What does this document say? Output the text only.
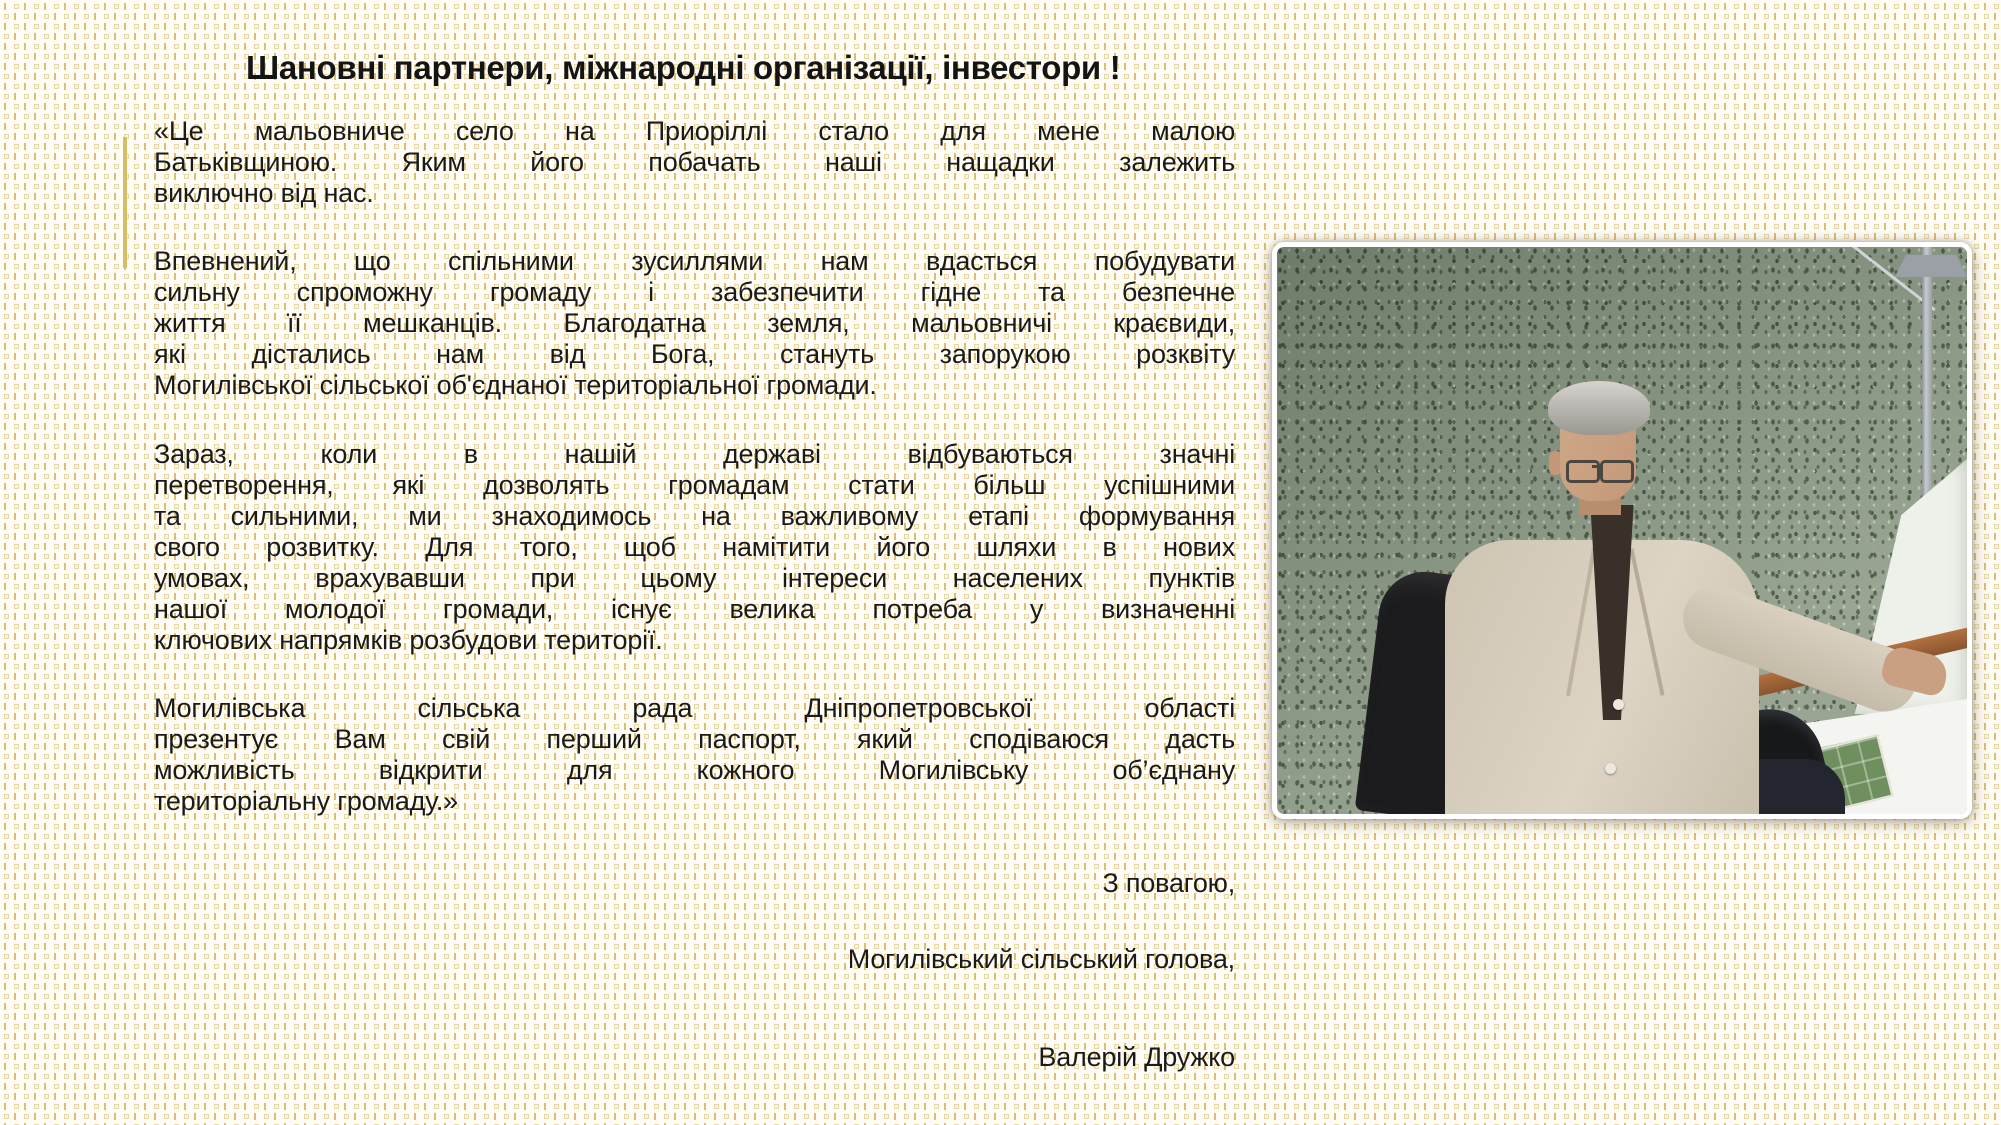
Шановні партнери, міжнародні організації, інвестори !
«Це мальовниче село на Приоріллі стало для мене малою
Батьківщиною. Яким його побачать наші нащадки залежить
виключно від нас.
Впевнений, що спільними зусиллями нам вдасться побудувати
сильну спроможну громаду і забезпечити гідне та безпечне
життя її мешканців. Благодатна земля, мальовничі краєвиди,
які дістались нам від Бога, стануть запорукою розквіту
Могилівської сільської об'єднаної територіальної громади.
Зараз, коли в нашій державі відбуваються значні
перетворення, які дозволять громадам стати більш успішними
та сильними, ми знаходимось на важливому етапі формування
свого розвитку. Для того, щоб намітити його шляхи в нових
умовах, врахувавши при цьому інтереси населених пунктів
нашої молодої громади, існує велика потреба у визначенні
ключових напрямків розбудови території.
Могилівська сільська рада Дніпропетровської області
презентує Вам свій перший паспорт, який сподіваюся дасть
можливість відкрити для кожного Могилівську об’єднану
територіальну громаду.»
З повагою,
Могилівський сільський голова,
Валерій Дружко
